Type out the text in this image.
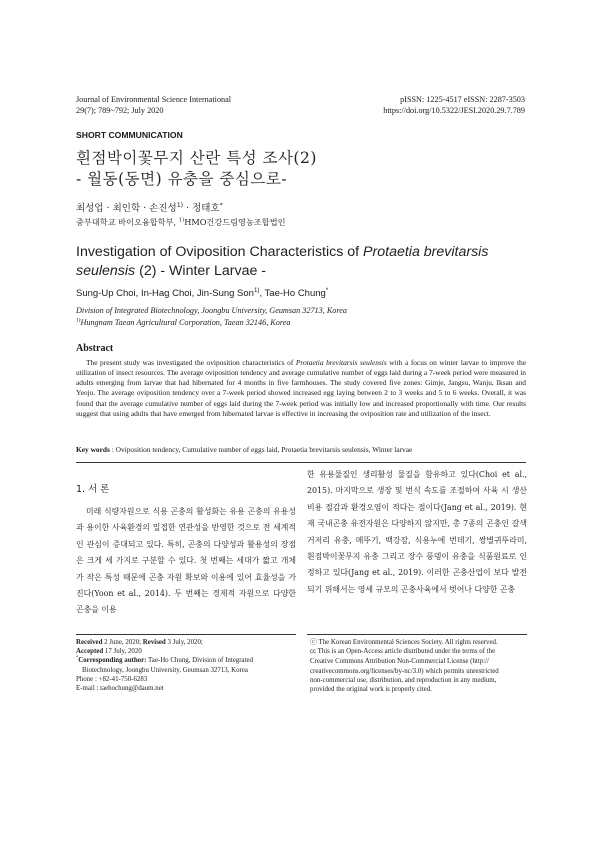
Journal of Environmental Science International
29(7); 789~792; July 2020
pISSN: 1225-4517 eISSN: 2287-3503
https://doi.org/10.5322/JESI.2020.29.7.789
SHORT COMMUNICATION
흰점박이꽃무지 산란 특성 조사(2)
- 월동(동면) 유충을 중심으로-
최성업 · 최인학 · 손진성$^{1)}$ · 정태호*
중부대학교 바이오융합학부, $^{1)}$HMO건강드림영농조합법인
Investigation of Oviposition Characteristics of Protaetia brevitarsis seulensis (2) - Winter Larvae -
Sung-Up Choi, In-Hag Choi, Jin-Sung Son$^{1)}$, Tae-Ho Chung*
Division of Integrated Biotechnology, Joongbu University, Geumsan 32713, Korea
$^{1)}$Hungnam Taean Agricultural Corporation, Taean 32146, Korea
Abstract

The present study was investigated the oviposition characteristics of Protaetia brevitarsis seulensis with a focus on winter larvae to improve the utilization of insect resources. The average oviposition tendency and average cumulative number of eggs laid during a 7-week period were measured in adults emerging from larvae that had hibernated for 4 months in five farmhouses. The study covered five zones: Gimje, Jangsu, Wanju, Iksan and Yeoju. The average oviposition tendency over a 7-week period showed increased egg laying between 2 to 3 weeks and 5 to 6 weeks. Overall, it was found that the average cumulative number of eggs laid during the 7-week period was initially low and increased proportionally with time. Our results suggest that using adults that have emerged from hibernated larvae is effective in increasing the oviposition rate and utilization of the insect.

Key words : Oviposition tendency, Cumulative number of eggs laid, Protaetia brevitarsis seulensis, Winter larvae
1. 서 론

미래 식량자원으로 식용 곤충의 활성화는 유용 곤충의 유용성과 용이한 사육환경의 밀접한 연관성을 반영한 것으로 전 세계적인 관심이 증대되고 있다. 특히, 곤충의 다양성과 활용성의 장점은 크게 세 가지로 구분할 수 있다. 첫 번째는 세대가 짧고 개체가 작은 특성 때문에 곤충 자원 확보와 이용에 있어 효율성을 가진다(Yoon et al., 2014). 두 번째는 경제적 자원으로 다양한 곤충을 이용

한 유용물질인 생리활성 물질을 함유하고 있다(Choi et al., 2015). 마지막으로 생장 및 번식 속도를 조절하여 사육 시 생산비용 절감과 환경오염이 적다는 점이다(Jang et al., 2019). 현재 국내곤충 유전자원은 다양하지 않지만, 총 7종의 곤충인 갈색거저리 유충, 메뚜기, 백강잠, 식용누에 번데기, 쌍별귀뚜라미, 흰점박이꽃무지 유충 그리고 장수 풍뎅이 유충을 식품원료로 인정하고 있다(Jang et al., 2019). 이러한 곤충산업이 보다 발전되기 위해서는 영세 규모의 곤충사육에서 벗어나 다양한 곤충

Received 2 June, 2020; Revised 3 July, 2020;
Accepted 17 July, 2020
*Corresponding author: Tae-Ho Chung, Division of Integrated
Biotechnology, Joongbu University, Geumsan 32713, Korea
Phone : +82-41-750-6283
E-mail : taehochung@daum.net
ⓒ The Korean Environmental Sciences Society. All rights reserved.
cc This is an Open-Access article distributed under the terms of the
Creative Commons Attribution Non-Commercial License (http://
creativecommons.org/licenses/by-nc/3.0) which permits unrestricted
non-commercial use, distribution, and reproduction in any medium,
provided the original work is properly cited.
